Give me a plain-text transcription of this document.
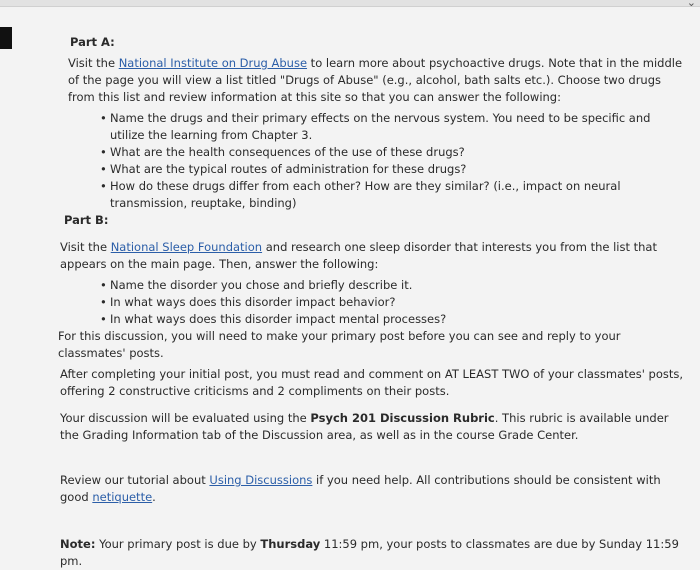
⌄

Part A:

Visit the National Institute on Drug Abuse to learn more about psychoactive drugs. Note that in the middle of the page you will view a list titled "Drugs of Abuse" (e.g., alcohol, bath salts etc.). Choose two drugs from this list and review information at this site so that you can answer the following:

• Name the drugs and their primary effects on the nervous system. You need to be specific and utilize the learning from Chapter 3.
• What are the health consequences of the use of these drugs?
• What are the typical routes of administration for these drugs?
• How do these drugs differ from each other? How are they similar? (i.e., impact on neural transmission, reuptake, binding)

Part B:

Visit the National Sleep Foundation and research one sleep disorder that interests you from the list that appears on the main page. Then, answer the following:

• Name the disorder you chose and briefly describe it.
• In what ways does this disorder impact behavior?
• In what ways does this disorder impact mental processes?

For this discussion, you will need to make your primary post before you can see and reply to your classmates' posts.

After completing your initial post, you must read and comment on AT LEAST TWO of your classmates' posts, offering 2 constructive criticisms and 2 compliments on their posts.

Your discussion will be evaluated using the Psych 201 Discussion Rubric. This rubric is available under the Grading Information tab of the Discussion area, as well as in the course Grade Center.

Review our tutorial about Using Discussions if you need help. All contributions should be consistent with good netiquette.

Note: Your primary post is due by Thursday 11:59 pm, your posts to classmates are due by Sunday 11:59 pm.
